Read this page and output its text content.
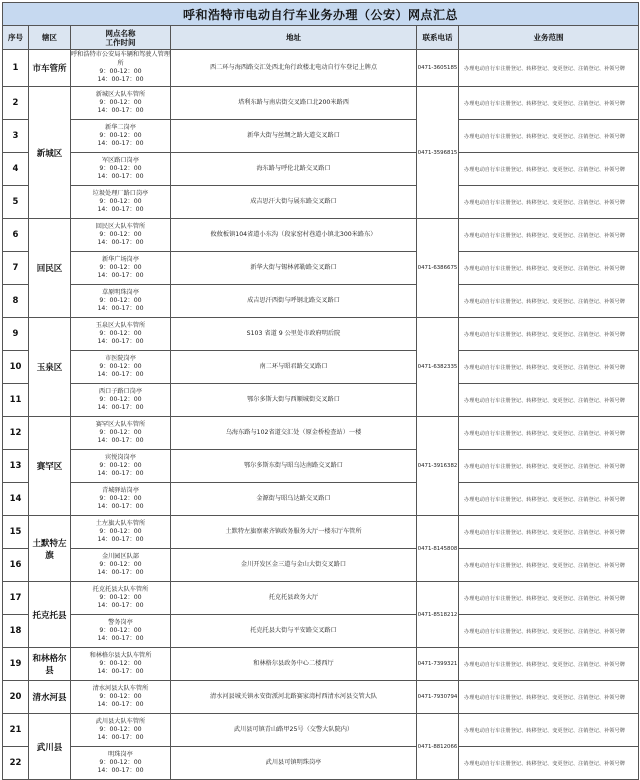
呼和浩特市电动自行车业务办理（公安）网点汇总					
序号	辖区	网点名称
工作时间	地址	联系电话	业务范围
1	市车管所	呼和浩特市公安局车辆和驾驶人管理所
9：00-12：00
14：00-17：00	西二环与海西路交汇处西北角行政楼北电动自行车登记上牌点	0471-3605185	办理电动自行车注册登记、转移登记、变更登记、注销登记、补领号牌
2	新城区	新城区大队车管所
9：00-12：00
14：00-17：00	塔利东路与南店街交叉路口北200米路西	0471-3596815	办理电动自行车注册登记、转移登记、变更登记、注销登记、补领号牌
3		新华二岗亭
9：00-12：00
14：00-17：00	新华大街与丝绸之路大道交叉路口		办理电动自行车注册登记、转移登记、变更登记、注销登记、补领号牌
4		军区路口岗亭
9：00-12：00
14：00-17：00	海东路与呼伦北路交叉路口		办理电动自行车注册登记、转移登记、变更登记、注销登记、补领号牌
5		垃圾处理厂路口岗亭
9：00-12：00
14：00-17：00	成吉思汗大街与展东路交叉路口		办理电动自行车注册登记、转移登记、变更登记、注销登记、补领号牌
6	回民区	回民区大队车管所
9：00-12：00
14：00-17：00	攸攸板镇104省道小东沟（段家窑村巷道小镇北300米路东）	0471-6386675	办理电动自行车注册登记、转移登记、变更登记、注销登记、补领号牌
7		新华广场岗亭
9：00-12：00
14：00-17：00	新华大街与锡林郭勒路交叉路口		办理电动自行车注册登记、转移登记、变更登记、注销登记、补领号牌
8		草原明珠岗亭
9：00-12：00
14：00-17：00	成吉思汗西街与呼钢北路交叉路口		办理电动自行车注册登记、转移登记、变更登记、注销登记、补领号牌
9	玉泉区	玉泉区大队车管所
9：00-12：00
14：00-17：00	S103 省道 9 公里处市政府明后院	0471-6382335	办理电动自行车注册登记、转移登记、变更登记、注销登记、补领号牌
10		市医院岗亭
9：00-12：00
14：00-17：00	南二环与昭君路交叉路口		办理电动自行车注册登记、转移登记、变更登记、注销登记、补领号牌
11		西口子路口岗亭
9：00-12：00
14：00-17：00	鄂尔多斯大街与西顺城街交叉路口		办理电动自行车注册登记、转移登记、变更登记、注销登记、补领号牌
12	赛罕区	赛罕区大队车管所
9：00-12：00
14：00-17：00	乌海东路与102省道交汇处（原金桥检查站）一楼	0471-3916382	办理电动自行车注册登记、转移登记、变更登记、注销登记、补领号牌
13		宾悦岗岗亭
9：00-12：00
14：00-17：00	鄂尔多斯东街与昭乌达南路交叉路口		办理电动自行车注册登记、转移登记、变更登记、注销登记、补领号牌
14		青城驿站岗亭
9：00-12：00
14：00-17：00	金源街与昭乌达路交叉路口		办理电动自行车注册登记、转移登记、变更登记、注销登记、补领号牌
15	土默特左旗	土左旗大队车管所
9：00-12：00
14：00-17：00	土默特左旗察素齐镇政务服务大厅一楼东厅车管所	0471-8145808	办理电动自行车注册登记、转移登记、变更登记、注销登记、补领号牌
16		金川园区队部
9：00-12：00
14：00-17：00	金川开发区金三道与金山大街交叉路口		办理电动自行车注册登记、转移登记、变更登记、注销登记、补领号牌
17	托克托县	托克托县大队车管所
9：00-12：00
14：00-17：00	托克托县政务大厅	0471-8518212	办理电动自行车注册登记、转移登记、变更登记、注销登记、补领号牌
18		警务岗亭
9：00-12：00
14：00-17：00	托克托县大街与平安路交叉路口		办理电动自行车注册登记、转移登记、变更登记、注销登记、补领号牌
19	和林格尔县	和林格尔县大队车管所
9：00-12：00
14：00-17：00	和林格尔县政务中心二楼西厅	0471-7399321	办理电动自行车注册登记、转移登记、变更登记、注销登记、补领号牌
20	清水河县	清水河县大队车管所
9：00-12：00
14：00-17：00	清水河县城关镇永安街派河北路赛家湾村西清水河县交管大队	0471-7930794	办理电动自行车注册登记、转移登记、变更登记、注销登记、补领号牌
21	武川县	武川县大队车管所
9：00-12：00
14：00-17：00	武川县可镇青山路甲25号（交警大队院内）	0471-8812066	办理电动自行车注册登记、转移登记、变更登记、注销登记、补领号牌
22		明珠岗亭
9：00-12：00
14：00-17：00	武川县可镇明珠岗亭		办理电动自行车注册登记、转移登记、变更登记、注销登记、补领号牌
